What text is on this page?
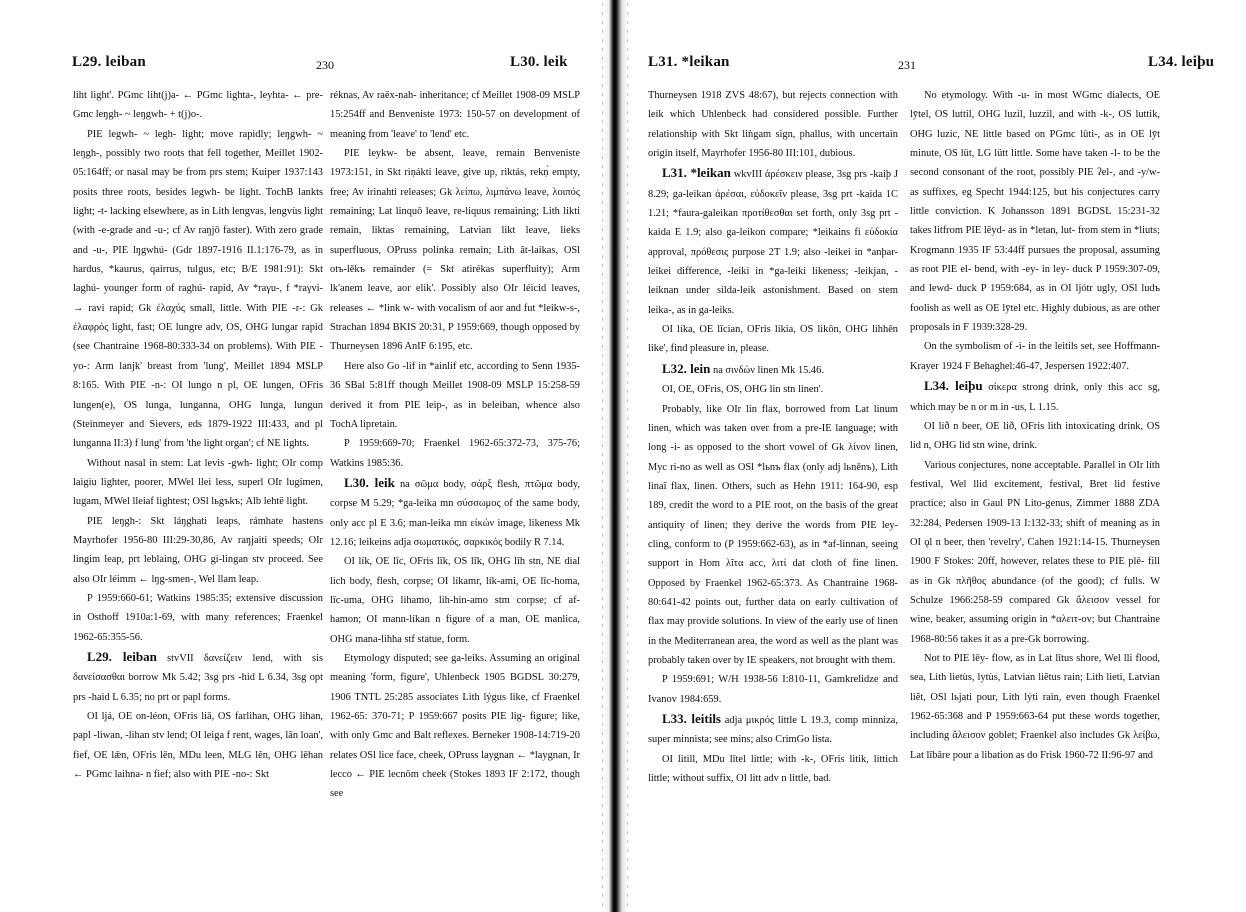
L29. leiban	230	L30. leik

liht light'. PGmc liht(j)a- ← PGmc lighta-, leyhta- ← pre-Gmc leŋgh- ~ leŋgwh- + t(j)o-.

PIE legwh- ~ legh- light; move rapidly; leŋgwh- ~ leŋgh-, possibly two roots that fell together, Meillet 1902-05:164ff; or nasal may be from prs stem; Kuiper 1937:143 posits three roots, besides legwh- be light. TochB lankts light; -t- lacking elsewhere, as in Lith lengvas, lengvùs light (with -e-grade and -u-; cf Av raŋjō faster). With zero grade and -u-, PIE lŋgwhú- (Gdr 1897-1916 II.1:176-79, as in hardus, *kaurus, qairrus, tulgus, etc; B/E 1981:91): Skt laghú- younger form of raghú- rapid, Av *raγu-, f *raγvi- → ravi rapid; Gk ἐλαχύς small, little. With PIE -r-: Gk ἐλαφρός light, fast; OE lungre adv, OS, OHG lungar rapid (see Chantraine 1968-80:333-34 on problems). With PIE -yo-: Arm lanjk' breast from 'lung', Meillet 1894 MSLP 8:165. With PIE -n-: OI lungo n pl, OE lungen, OFris lungen(e), OS lunga, lunganna, OHG lunga, lungun (Steinmeyer and Sievers, eds 1879-1922 III:433, and pl lunganna II:3) f lung' from 'the light organ'; cf NE lights.

Without nasal in stem: Lat levis -gwh- light; OIr comp laigiu lighter, poorer, MWel llei less, superl OIr lugimen, lugam, MWel lleiaf lightest; OSl lьgъkъ; Alb lehtë light.

PIE leŋgh-: Skt láŋghati leaps, rámhate hastens Mayrhofer 1956-80 III:29-30,86, Av raŋjaiti speeds; OIr lingim leap, prt leblaing, OHG gi-lingan stv proceed. See also OIr léimm ← lŋg-smen-, Wel llam leap.

P 1959:660-61; Watkins 1985:35; extensive discussion in Osthoff 1910a:1-69, with many references; Fraenkel 1962-65:355-56.

L29. leiban stvVII δανείζειν lend, with sis δανείσασθαι borrow Mk 5.42; 3sg prs -hid L 6.34, 3sg opt prs -haid L 6.35; no prt or papl forms.

OI ljá, OE on-léon, OFris liā, OS farlihan, OHG lihan, papl -liwan, -lihan stv lend; OI leiga f rent, wages, lān loan', fief, OE lǣn, OFris lēn, MDu leen, MLG lēn, OHG lēhan ← PGmc laihna- n fief; also with PIE -no-: Skt

réknas, Av raēx-nah- inheritance; cf Meillet 1908-09 MSLP 15:254ff and Benveniste 1973: 150-57 on development of meaning from 'leave' to 'lend' etc.

PIE leykw- be absent, leave, remain Benveniste 1973:151, in Skt riṇákti leave, give up, riktás, rekṇ́ empty, free; Av irinahti releases; Gk λείπω, λιμπάνω leave, λοιπός remaining; Lat linquō leave, re-liquus remaining; Lith likti remain, liktas remaining, Latvian likt leave, lieks superfluous, OPruss polinka remain; Lith ât-laikas, OSl otъ-lěkъ remainder (= Skt atirékas superfluity); Arm lk'anem leave, aor elik'. Possibly also OIr léicid leaves, releases ← *link w- with vocalism of aor and fut *leikw-s-, Strachan 1894 BKIS 20:31, P 1959:669, though opposed by Thurneysen 1896 AnIF 6:195, etc.

Here also Go -lif in *ainlif etc, according to Senn 1935-36 SBal 5:81ff though Meillet 1908-09 MSLP 15:258-59 derived it from PIE leip-, as in beleiban, whence also TochA lipretain.

P 1959:669-70; Fraenkel 1962-65:372-73, 375-76; Watkins 1985:36.

L30. leik na σῶμα body, σάρξ flesh, πτῶμα body, corpse M 5.29; *ga-leika mn σύσσωμος of the same body, only acc pl E 3.6; man-leika mn εἰκών image, likeness Mk 12.16; leikeins adja σωματικός, σαρκικός bodily R 7.14.

OI lík, OE līc, OFris līk, OS līk, OHG līh stn, NE dial lich body, flesh, corpse; OI líkamr, lík-ami, OE līc-homa, līc-uma, OHG lihamo, lih-hin-amo stm corpse; cf af-hamon; OI mann-líkan n figure of a man, OE manlica, OHG mana-lihha stf statue, form.

Etymology disputed; see ga-leiks. Assuming an original meaning 'form, figure', Uhlenbeck 1905 BGDSL 30:279, 1906 TNTL 25:285 associates Lith lýgus like, cf Fraenkel 1962-65: 370-71; P 1959:667 posits PIE lig- figure; like, with only Gmc and Balt reflexes. Berneker 1908-14:719-20 relates OSl lice face, cheek, OPruss laygnan ← *laygnan, Ir lecco ← PIE lecnōm cheek (Stokes 1893 IF 2:172, though see

L31. *leikan	231	L34. leiþu

Thurneysen 1918 ZVS 48:67), but rejects connection with leik which Uhlenbeck had considered possible. Further relationship with Skt liṅgam sign, phallus, with uncertain origin itself, Mayrhofer 1956-80 III:101, dubious.

L31. *leikan wkvIII ἀρέσκειν please, 3sg prs -kaiþ J 8.29; ga-leikan ἀρέσαι, εὐδοκεῖν please, 3sg prt -kaida 1C 1.21; *faura-galeikan προτίθεσθαι set forth, only 3sg prt -kaida E 1.9; also ga-leikon compare; *leikains fi εὐδοκία approval, πρόθεσις purpose 2T 1.9; also -leikei in *anþar-leikei difference, -leiki in *ga-leiki likeness; -leikjan, -leiknan under silda-leik astonishment. Based on stem leika-, as in ga-leiks.

OI líka, OE līcian, OFris likia, OS likōn, OHG lihhēn like', find pleasure in, please.

L32. lein na σινδών linen Mk 15.46.

OI, OE, OFris, OS, OHG lin stn linen'.

Probably, like OIr lin flax, borrowed from Lat linum linen, which was taken over from a pre-IE language; with long -i- as opposed to the short vowel of Gk λίνον linen, Myc ri-no as well as OSl *lьnъ flax (only adj lьněnъ), Lith linaĩ flax, linen. Others, such as Hehn 1911: 164-90, esp 189, credit the word to a PIE root, on the basis of the great antiquity of linen; they derive the words from PIE ley- cling, conform to (P 1959:662-63), as in *af-linnan, seeing support in Hom λῖτα acc, λιτί dat cloth of fine linen. Opposed by Fraenkel 1962-65:373. As Chantraine 1968-80:641-42 points out, further data on early cultivation of flax may provide solutions. In view of the early use of linen in the Mediterranean area, the word as well as the plant was probably taken over by IE speakers, not brought with them.

P 1959:691; W/H 1938-56 I:810-11, Gamkrelidze and Ivanov 1984:659.

L33. leitils adja μικρός little L 19.3, comp minniza, super minnista; see mins; also CrimGo lista.

OI litill, MDu lītel little; with -k-, OFris litik, littich little; without suffix, OI lítt adv n little, bad.

No etymology. With -u- in most WGmc dialects, OE lȳtel, OS luttil, OHG luzil, luzzil, and with -k-, OS luttik, OHG luzic, NE little based on PGmc lūti-, as in OE lȳt minute, OS lüt, LG lütt little. Some have taken -l- to be the second consonant of the root, possibly PIE ʔel-, and -y/w- as suffixes, eg Specht 1944:125, but his conjectures carry little conviction. K Johansson 1891 BGDSL 15:231-32 takes litfrom PIE lēyd- as in *letan, lut- from stem in *liuts; Krogmann 1935 IF 53:44ff pursues the proposal, assuming as root PIE el- bend, with -ey- in ley- duck P 1959:307-09, and lewd- duck P 1959:684, as in OI ljótr ugly, OSl ludъ foolish as well as OE lȳtel etc. Highly dubious, as are other proposals in F 1939:328-29.

On the symbolism of -i- in the leitils set, see Hoffmann-Krayer 1924 F Behaghel:46-47, Jespersen 1922:407.

L34. leiþu σίκερα strong drink, only this acc sg, which may be n or m in -us, L 1.15.

OI líð n beer, OE lið, OFris lith intoxicating drink, OS lid n, OHG lid stn wine, drink.

Various conjectures, none acceptable. Parallel in OIr líth festival, Wel llid excitement, festival, Bret lid festive practice; also in Gaul PN Lito-genus, Zimmer 1888 ZDA 32:284, Pedersen 1909-13 I:132-33; shift of meaning as in OI ǫl n beer, then 'revelry', Cahen 1921:14-15. Thurneysen 1900 F Stokes: 20ff, however, relates these to PIE plē- fill as in Gk πλῆθος abundance (of the good); cf fulls. W Schulze 1966:258-59 compared Gk ἄλεισον vessel for wine, beaker, assuming origin in *αλειτ-ov; but Chantraine 1968-80:56 takes it as a pre-Gk borrowing.

Not to PIE lēy- flow, as in Lat lītus shore, Wel lli flood, sea, Lith lietùs, lytùs, Latvian liẽtus rain; Lith lieti, Latvian liẽt, OSl lьjati pour, Lith lýti rain, even though Fraenkel 1962-65:368 and P 1959:663-64 put these words together, including ἄλεισον goblet; Fraenkel also includes Gk λείβω, Lat lībāre pour a libation as do Frisk 1960-72 II:96-97 and
